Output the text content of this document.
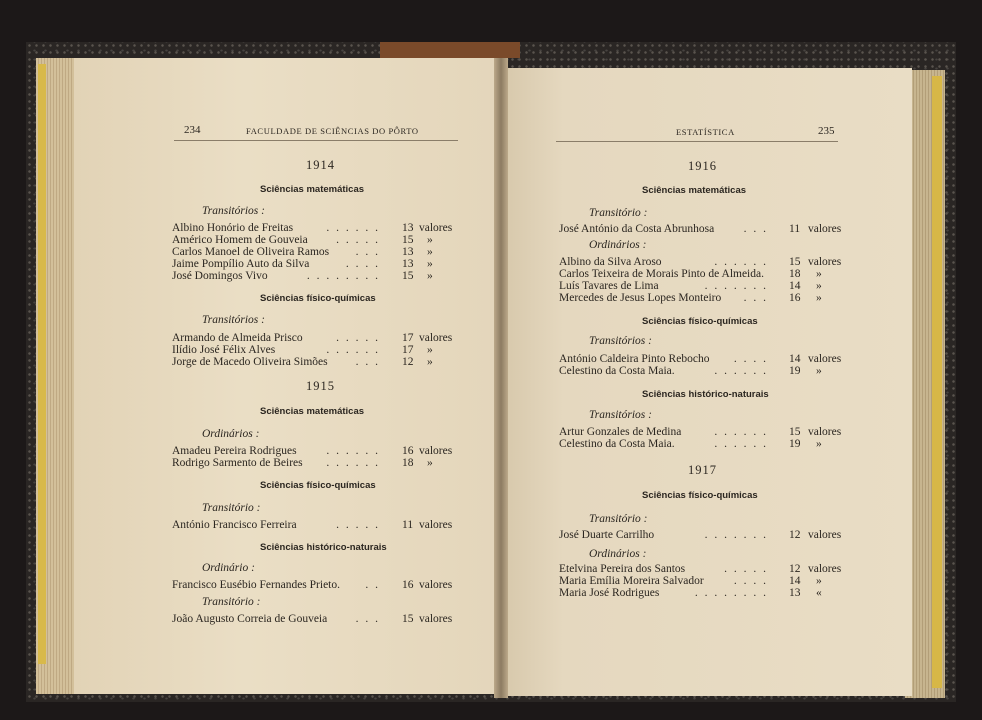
234	FACULDADE DE SCIÊNCIAS DO PÔRTO
1914
Sciências matemáticas
Transitórios :
Albino Honório de Freitas	. . . . . . 13 valores
Américo Homem de Gouveia . . . . . 15 »
Carlos Manoel de Oliveira Ramos . . . 13 »
Jaime Pompílio Auto da Silva	. . . . 13 »
José Domingos Vivo	. . . . . . . . 15 »
Sciências físico-químicas
Transitórios :
Armando de Almeida Prisco	. . . . . 17 valores
Ilídio José Félix Alves	. . . . . . 17 »
Jorge de Macedo Oliveira Simões . . . 12 »
1915
Sciências matemáticas
Ordinários :
Amadeu Pereira Rodrigues	. . . . . . 16 valores
Rodrigo Sarmento de Beires . . . . . . 18 »
Sciências físico-químicas
Transitório :
António Francisco Ferreira	. . . . . 11 valores
Sciências histórico-naturais
Ordinário :
Francisco Eusébio Fernandes Prieto. . . 16 valores
Transitório :
João Augusto Correia de Gouveia . . . 15 valores
235
ESTATÍSTICA
1916
Sciências matemáticas
Transitório :
José António da Costa Abrunhosa	. . . 11 valores
Ordinários :
Albino da Silva Aroso	. . . . . . 15 valores
Carlos Teixeira de Morais Pinto de Almeida. 18 »
Luís Tavares de Lima	. . . . . . . 14 »
Mercedes de Jesus Lopes Monteiro . . . 16 »
Sciências físico-químicas
Transitórios :
António Caldeira Pinto Rebocho . . . . 14 valores
Celestino da Costa Maia.	. . . . . . 19 »
Sciências histórico-naturais
Transitórios :
Artur Gonzales de Medina	. . . . . . 15 valores
Celestino da Costa Maia.	. . . . . . 19 »
1917
Sciências físico-químicas
Transitório :
José Duarte Carrilho	. . . . . . . 12 valores
Ordinários :
Etelvina Pereira dos Santos	. . . . . 12 valores
Maria Emília Moreira Salvador	. . . . 14 »
Maria José Rodrigues	. . . . . . . . 13 «
